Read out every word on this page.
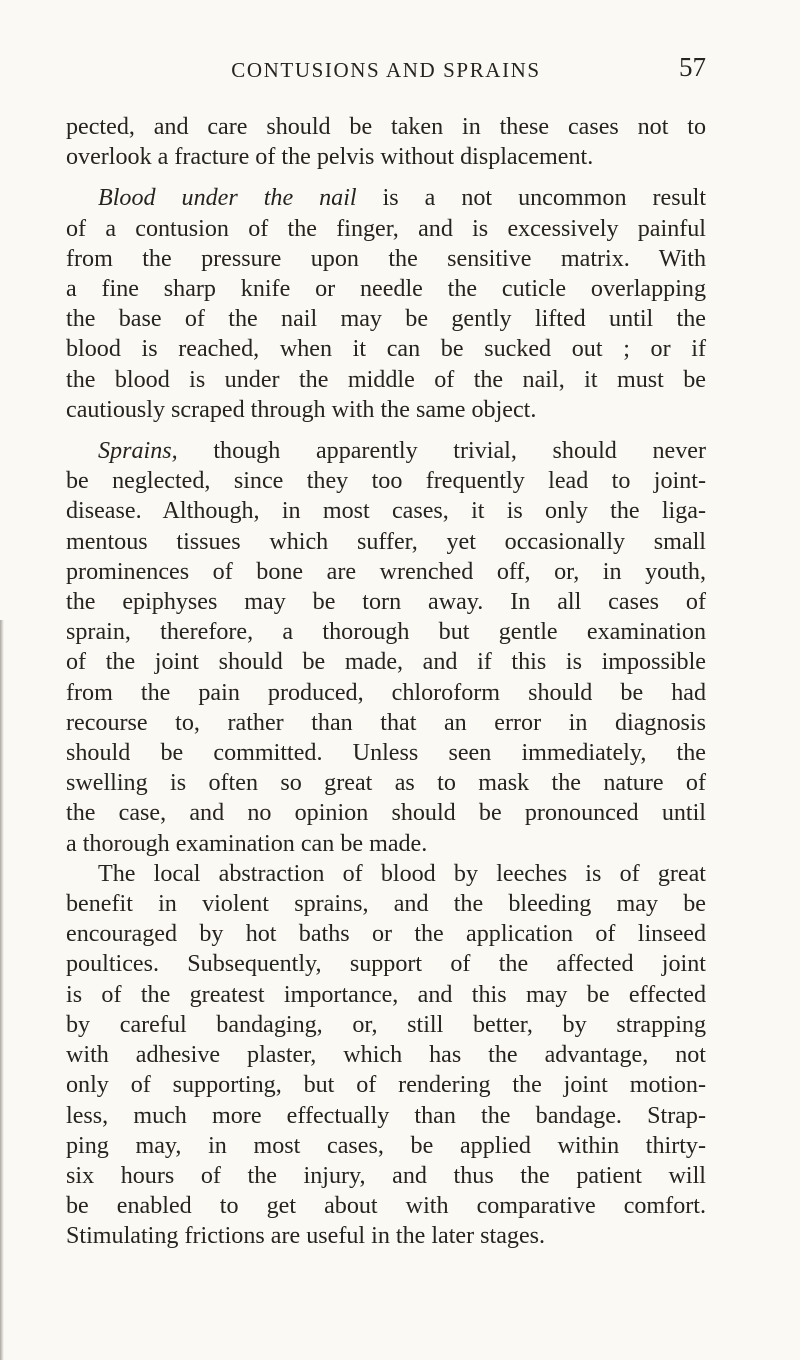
CONTUSIONS AND SPRAINS	57
pected, and care should be taken in these cases not to
overlook a fracture of the pelvis without displacement.
Blood under the nail is a not uncommon result
of a contusion of the finger, and is excessively painful
from the pressure upon the sensitive matrix. With
a fine sharp knife or needle the cuticle overlapping
the base of the nail may be gently lifted until the
blood is reached, when it can be sucked out ; or if
the blood is under the middle of the nail, it must be
cautiously scraped through with the same object.
Sprains, though apparently trivial, should never
be neglected, since they too frequently lead to joint-
disease. Although, in most cases, it is only the liga-
mentous tissues which suffer, yet occasionally small
prominences of bone are wrenched off, or, in youth,
the epiphyses may be torn away. In all cases of
sprain, therefore, a thorough but gentle examination
of the joint should be made, and if this is impossible
from the pain produced, chloroform should be had
recourse to, rather than that an error in diagnosis
should be committed. Unless seen immediately, the
swelling is often so great as to mask the nature of
the case, and no opinion should be pronounced until
a thorough examination can be made.
The local abstraction of blood by leeches is of great
benefit in violent sprains, and the bleeding may be
encouraged by hot baths or the application of linseed
poultices. Subsequently, support of the affected joint
is of the greatest importance, and this may be effected
by careful bandaging, or, still better, by strapping
with adhesive plaster, which has the advantage, not
only of supporting, but of rendering the joint motion-
less, much more effectually than the bandage. Strap-
ping may, in most cases, be applied within thirty-
six hours of the injury, and thus the patient will
be enabled to get about with comparative comfort.
Stimulating frictions are useful in the later stages.
